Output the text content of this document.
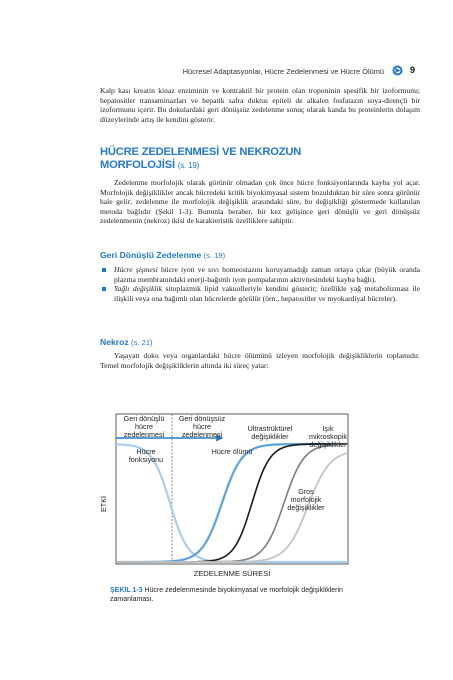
Hücresel Adaptasyonlar, Hücre Zedelenmesi ve Hücre Ölümü	9

Kalp kası kreatin kinaz enziminin ve kontraktil bir protein olan troponinin spesifik bir izoformunu; hepatositler transaminazları ve hepatik safra duktus epiteli de alkalen fosfatazın ısıya-dirençli bir izoformunu içerir. Bu dokulardaki geri dönüşsüz zedelenme sonuç olarak kanda bu proteinlerin dolaşım düzeylerinde artış ile kendini gösterir.

HÜCRE ZEDELENMESİ VE NEKROZUN
MORFOLOJİSİ (s. 19)

Zedelenme morfolojik olarak görünür olmadan çok önce hücre fonksiyonlarında kayba yol açar. Morfolojik değişiklikler ancak hücredeki kritik biyokimyasal sistem bozulduktan bir süre sonra görünür hale gelir; zedelenme ile morfolojik değişiklik arasındaki süre, bu değişikliği göstermede kullanılan metoda bağlıdır (Şekil 1-3). Bununla beraber, bir kez gelişince geri dönüşlü ve geri dönüşsüz zedelenmenin (nekroz) ikisi de karakteristik özelliklere sahiptir.

Geri Dönüşlü Zedelenme (s. 19)
Hücre şişmesi hücre iyon ve sıvı homeostazını koruyamadığı zaman ortaya çıkar (büyük oranda plazma membranındaki enerji-bağımlı iyon pompalarının aktivitesindeki kayba bağlı).
Yağlı değişiklik sitoplazmik lipid vakuolleriyle kendini gösterir; özellikle yağ metabolizması ile ilişkili veya ona bağımlı olan hücrelerde görülür (örn., hepatositler ve myokardiyal hücreler).
Nekroz (s. 21)

Yaşayan doku veya organlardaki hücre ölümünü izleyen morfolojik değişikliklerin toplamıdır. Temel morfolojik değişikliklerin altında iki süreç yatar:

Geri dönüşlü
hücre
zedelenmesi
Geri dönüşsüz
hücre
zedelenmesi
Ultrastrüktürel
değişiklikler
Işık
mikroskopik
değişiklikler
Hücre
fonksiyonu
Hücre ölümü
Gros
morfolojik
değişiklikler
ETKİ
ZEDELENME SÜRESİ
ŞEKİL 1-3 Hücre zedelenmesinde biyokimyasal ve morfolojik değişikliklerin zamanlaması.
